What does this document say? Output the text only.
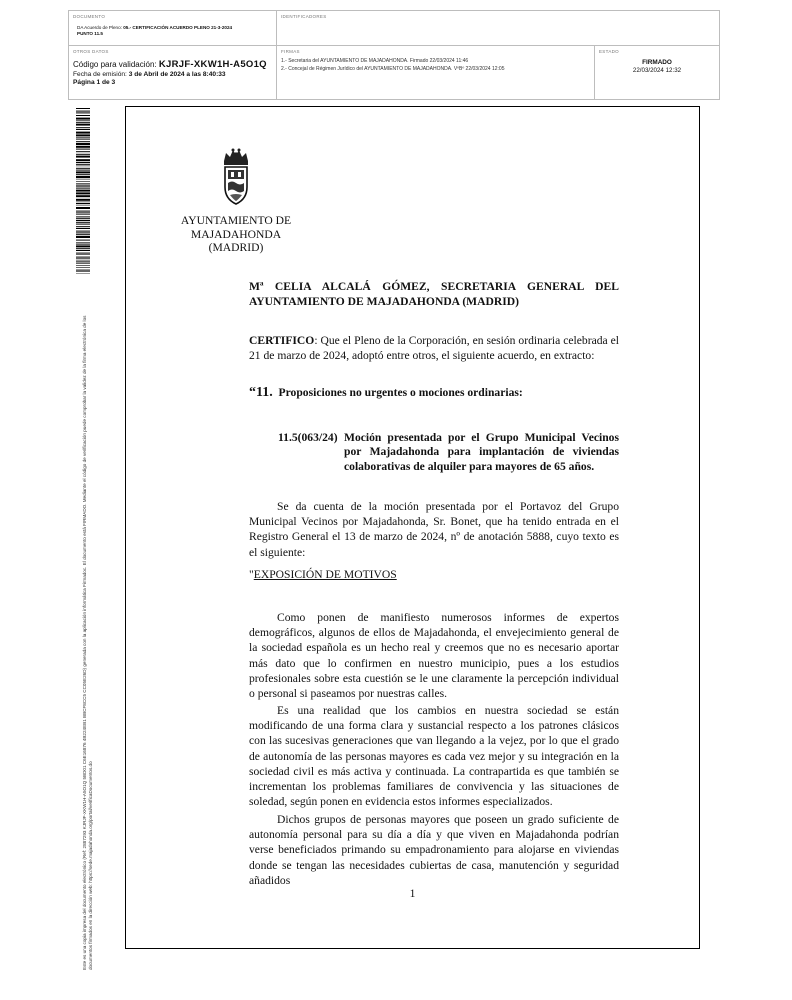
DOCUMENTO
DA Acuerdo de Pleno: 05.- CERTIFICACIÓN ACUERDO PLENO 21-3-2024
PUNTO 11.5
IDENTIFICADORES
OTROS DATOS
Código para validación: KJRJF-XKW1H-A5O1Q
Fecha de emisión: 3 de Abril de 2024 a las 8:40:33
Página 1 de 3
FIRMAS
1.- Secretaria del AYUNTAMIENTO DE MAJADAHONDA. Firmado 22/03/2024 11:46
2.- Concejal de Régimen Jurídico del AYUNTAMIENTO DE MAJADAHONDA. VºBº 22/03/2024 12:05
ESTADO
FIRMADO
22/03/2024 12:32
Este es una copia impresa del documento electrónico (Ref: 2887293 KJRJF-XKW1H-A5O1Q 5BD01 C6E16876 4B224EB1 BBCF8CC5 CC05E26D) generada con la aplicación informática Firmadoc. El documento está FIRMADO. Mediante el código de verificación puede comprobar la validez de la firma electrónica de los documentos firmados en la dirección web: https://sede.majadahonda.org/portal/verificaDocumentos.do
AYUNTAMIENTO DE
MAJADAHONDA
(MADRID)
Mª CELIA ALCALÁ GÓMEZ, SECRETARIA GENERAL DEL AYUNTAMIENTO DE MAJADAHONDA (MADRID)
CERTIFICO: Que el Pleno de la Corporación, en sesión ordinaria celebrada el 21 de marzo de 2024, adoptó entre otros, el siguiente acuerdo, en extracto:
“11. Proposiciones no urgentes o mociones ordinarias:
11.5(063/24) Moción presentada por el Grupo Municipal Vecinos por Majadahonda para implantación de viviendas colaborativas de alquiler para mayores de 65 años.
Se da cuenta de la moción presentada por el Portavoz del Grupo Municipal Vecinos por Majadahonda, Sr. Bonet, que ha tenido entrada en el Registro General el 13 de marzo de 2024, nº de anotación 5888, cuyo texto es el siguiente:
"EXPOSICIÓN DE MOTIVOS
Como ponen de manifiesto numerosos informes de expertos demográficos, algunos de ellos de Majadahonda, el envejecimiento general de la sociedad española es un hecho real y creemos que no es necesario aportar más dato que lo confirmen en nuestro municipio, pues a los estudios profesionales sobre esta cuestión se le une claramente la percepción individual o personal si paseamos por nuestras calles.
Es una realidad que los cambios en nuestra sociedad se están modificando de una forma clara y sustancial respecto a los patrones clásicos con las sucesivas generaciones que van llegando a la vejez, por lo que el grado de autonomía de las personas mayores es cada vez mejor y su integración en la sociedad civil es más activa y continuada. La contrapartida es que también se incrementan los problemas familiares de convivencia y las situaciones de soledad, según ponen en evidencia estos informes especializados.
Dichos grupos de personas mayores que poseen un grado suficiente de autonomía personal para su día a día y que viven en Majadahonda podrían verse beneficiados primando su empadronamiento para alojarse en viviendas donde se tengan las necesidades cubiertas de casa, manutención y seguridad añadidos
1
